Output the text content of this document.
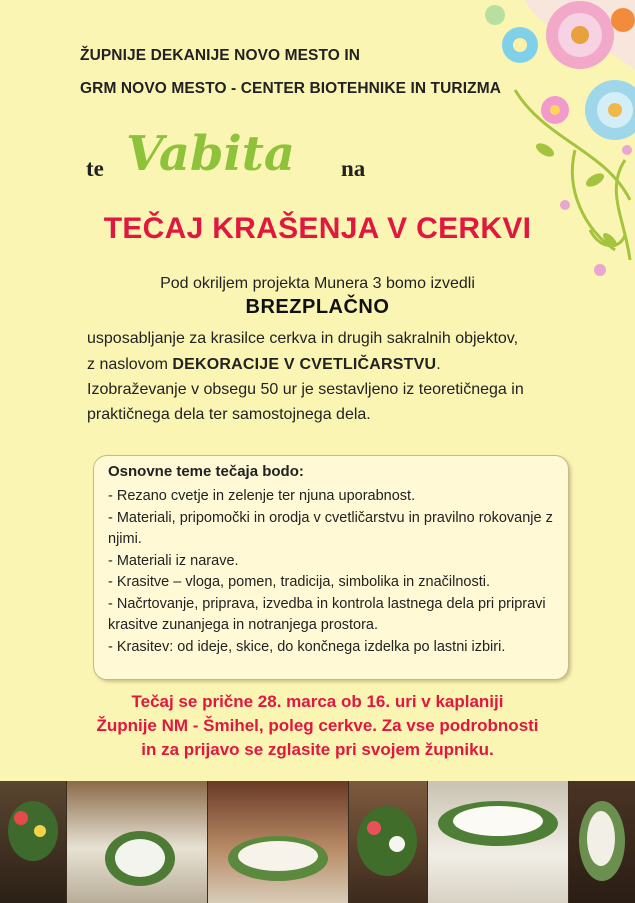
ŽUPNIJE DEKANIJE NOVO MESTO IN
GRM NOVO MESTO - CENTER BIOTEHNIKE IN TURIZMA
te Vabita na
TEČAJ KRAŠENJA V CERKVI
Pod okriljem projekta Munera 3 bomo izvedli
BREZPLAČNO
usposabljanje za krasilce cerkva in drugih sakralnih objektov,
z naslovom DEKORACIJE V CVETLIČARSTVU.
Izobraževanje v obsegu 50 ur je sestavljeno iz teoretičnega in praktičnega dela ter samostojnega dela.
Osnovne teme tečaja bodo:
- Rezano cvetje in zelenje ter njuna uporabnost.
- Materiali, pripomočki in orodja v cvetličarstvu in pravilno rokovanje z njimi.
- Materiali iz narave.
- Krasitve – vloga, pomen, tradicija, simbolika in značilnosti.
- Načrtovanje, priprava, izvedba in kontrola lastnega dela pri pripravi krasitve zunanjega in notranjega prostora.
- Krasitev: od ideje, skice, do končnega izdelka po lastni izbiri.
Tečaj se prične 28. marca ob 16. uri v kaplaniji
Župnije NM - Šmihel, poleg cerkve. Za vse podrobnosti
in za prijavo se zglasite pri svojem župniku.
